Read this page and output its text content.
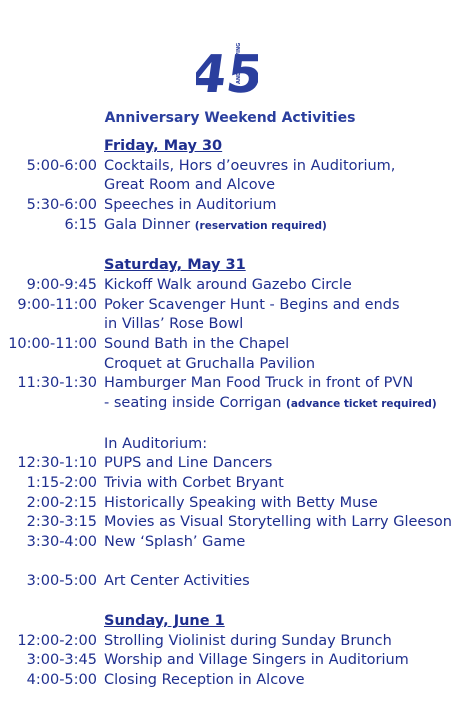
45
AND THRIVING
Anniversary Weekend Activities
Friday, May 30
5:00-6:00 Cocktails, Hors d’oeuvres in Auditorium,
Great Room and Alcove
5:30-6:00 Speeches in Auditorium
6:15 Gala Dinner (reservation required)
Saturday, May 31
9:00-9:45 Kickoff Walk around Gazebo Circle
9:00-11:00 Poker Scavenger Hunt - Begins and ends
in Villas’ Rose Bowl
10:00-11:00 Sound Bath in the Chapel
Croquet at Gruchalla Pavilion
11:30-1:30 Hamburger Man Food Truck in front of PVN
- seating inside Corrigan (advance ticket required)
In Auditorium:
12:30-1:10 PUPS and Line Dancers
1:15-2:00 Trivia with Corbet Bryant
2:00-2:15 Historically Speaking with Betty Muse
2:30-3:15 Movies as Visual Storytelling with Larry Gleeson
3:30-4:00 New ‘Splash’ Game
3:00-5:00 Art Center Activities
Sunday, June 1
12:00-2:00 Strolling Violinist during Sunday Brunch
3:00-3:45 Worship and Village Singers in Auditorium
4:00-5:00 Closing Reception in Alcove
